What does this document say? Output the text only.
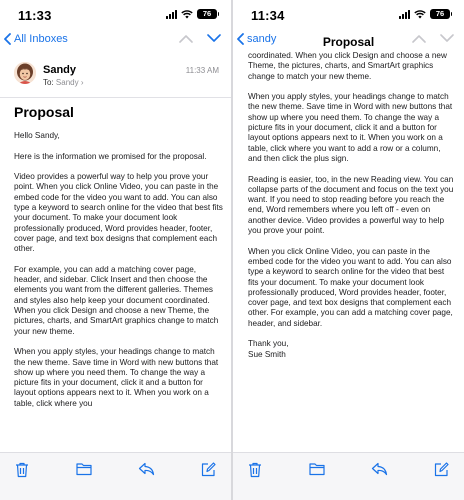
11:33	76
All Inboxes
Sandy
To: Sandy ›
11:33 AM
Proposal

Hello Sandy,

Here is the information we promised for the proposal.

Video provides a powerful way to help you prove your point. When you click Online Video, you can paste in the embed code for the video you want to add. You can also type a keyword to search online for the video that best fits your document. To make your document look professionally produced, Word provides header, footer, cover page, and text box designs that complement each other.

For example, you can add a matching cover page, header, and sidebar. Click Insert and then choose the elements you want from the different galleries. Themes and styles also help keep your document coordinated. When you click Design and choose a new Theme, the pictures, charts, and SmartArt graphics change to match your new theme.

When you apply styles, your headings change to match the new theme. Save time in Word with new buttons that show up where you need them. To change the way a picture fits in your document, click it and a button for layout options appears next to it. When you work on a table, click where you

11:34	76
sandy	Proposal

coordinated. When you click Design and choose a new Theme, the pictures, charts, and SmartArt graphics change to match your new theme.

When you apply styles, your headings change to match the new theme. Save time in Word with new buttons that show up where you need them. To change the way a picture fits in your document, click it and a button for layout options appears next to it. When you work on a table, click where you want to add a row or a column, and then click the plus sign.

Reading is easier, too, in the new Reading view. You can collapse parts of the document and focus on the text you want. If you need to stop reading before you reach the end, Word remembers where you left off - even on another device. Video provides a powerful way to help you prove your point.

When you click Online Video, you can paste in the embed code for the video you want to add. You can also type a keyword to search online for the video that best fits your document. To make your document look professionally produced, Word provides header, footer, cover page, and text box designs that complement each other. For example, you can add a matching cover page, header, and sidebar.

Thank you,

Sue Smith
